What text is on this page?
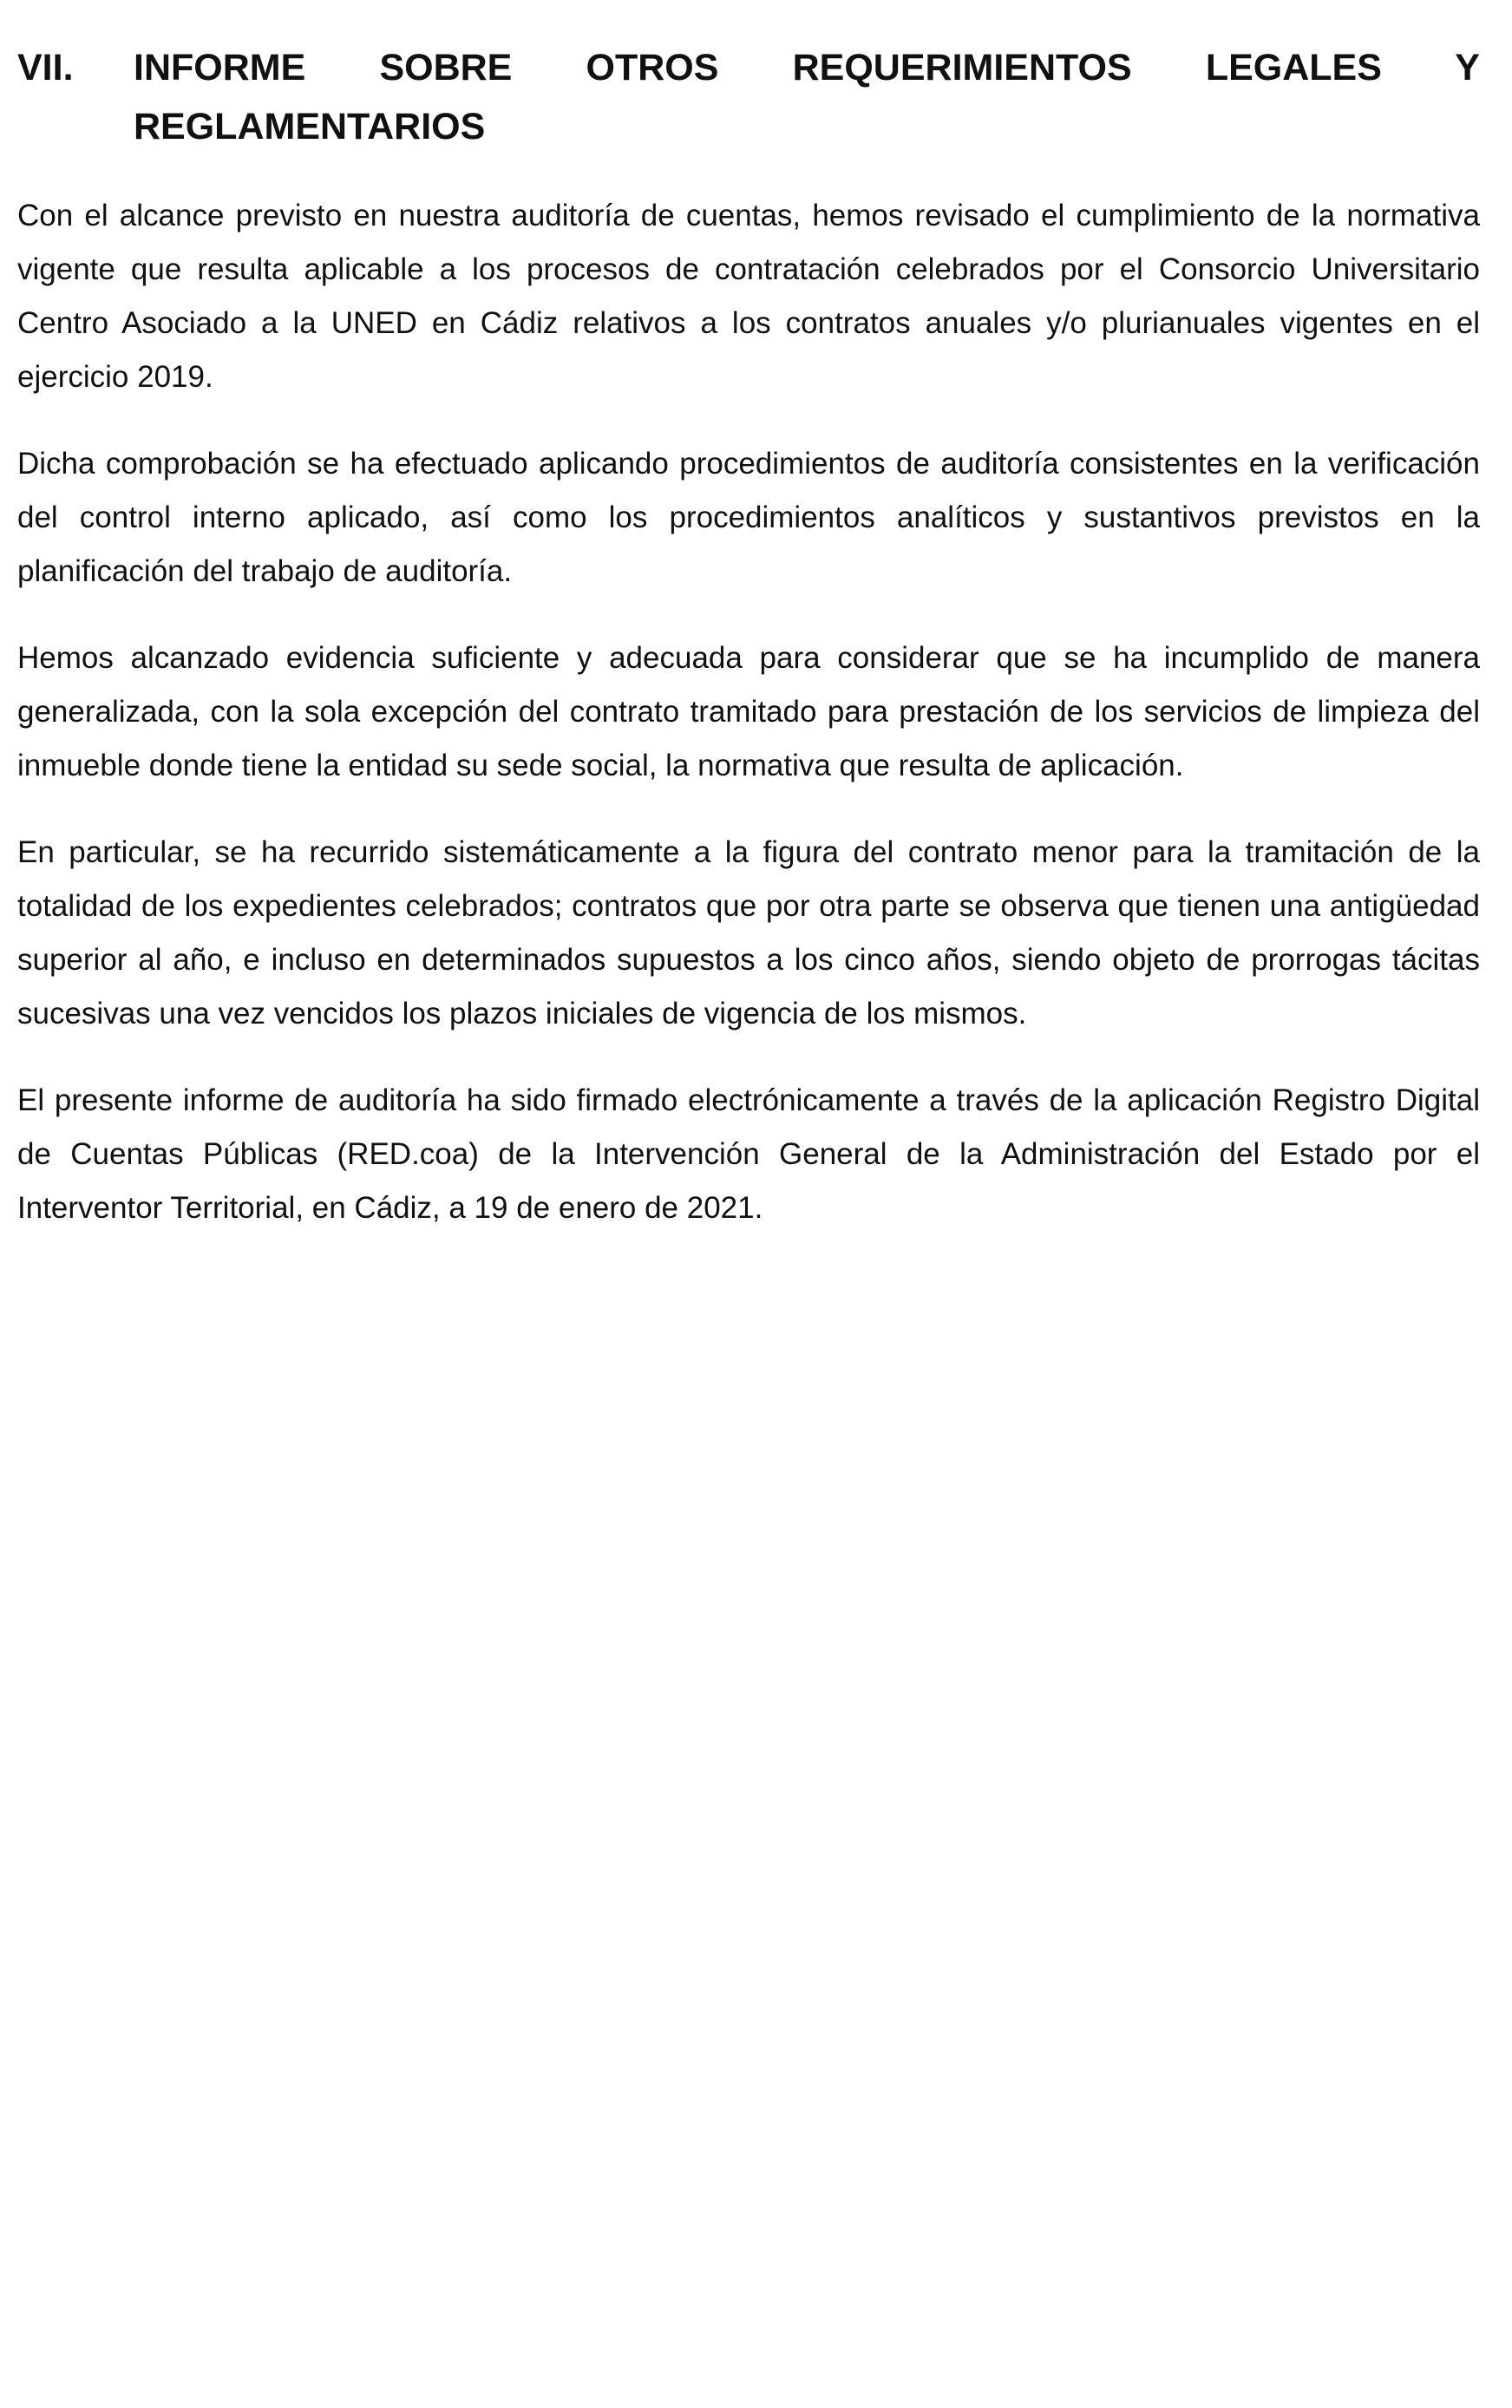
VII.	INFORME SOBRE OTROS REQUERIMIENTOS LEGALES Y
REGLAMENTARIOS

Con el alcance previsto en nuestra auditoría de cuentas, hemos revisado el cumplimiento de la normativa vigente que resulta aplicable a los procesos de contratación celebrados por el Consorcio Universitario Centro Asociado a la UNED en Cádiz relativos a los contratos anuales y/o plurianuales vigentes en el ejercicio 2019.

Dicha comprobación se ha efectuado aplicando procedimientos de auditoría consistentes en la verificación del control interno aplicado, así como los procedimientos analíticos y sustantivos previstos en la planificación del trabajo de auditoría.

Hemos alcanzado evidencia suficiente y adecuada para considerar que se ha incumplido de manera generalizada, con la sola excepción del contrato tramitado para prestación de los servicios de limpieza del inmueble donde tiene la entidad su sede social, la normativa que resulta de aplicación.

En particular, se ha recurrido sistemáticamente a la figura del contrato menor para la tramitación de la totalidad de los expedientes celebrados; contratos que por otra parte se observa que tienen una antigüedad superior al año, e incluso en determinados supuestos a los cinco años, siendo objeto de prorrogas tácitas sucesivas una vez vencidos los plazos iniciales de vigencia de los mismos.

El presente informe de auditoría ha sido firmado electrónicamente a través de la aplicación Registro Digital de Cuentas Públicas (RED.coa) de la Intervención General de la Administración del Estado por el Interventor Territorial, en Cádiz, a 19 de enero de 2021.
